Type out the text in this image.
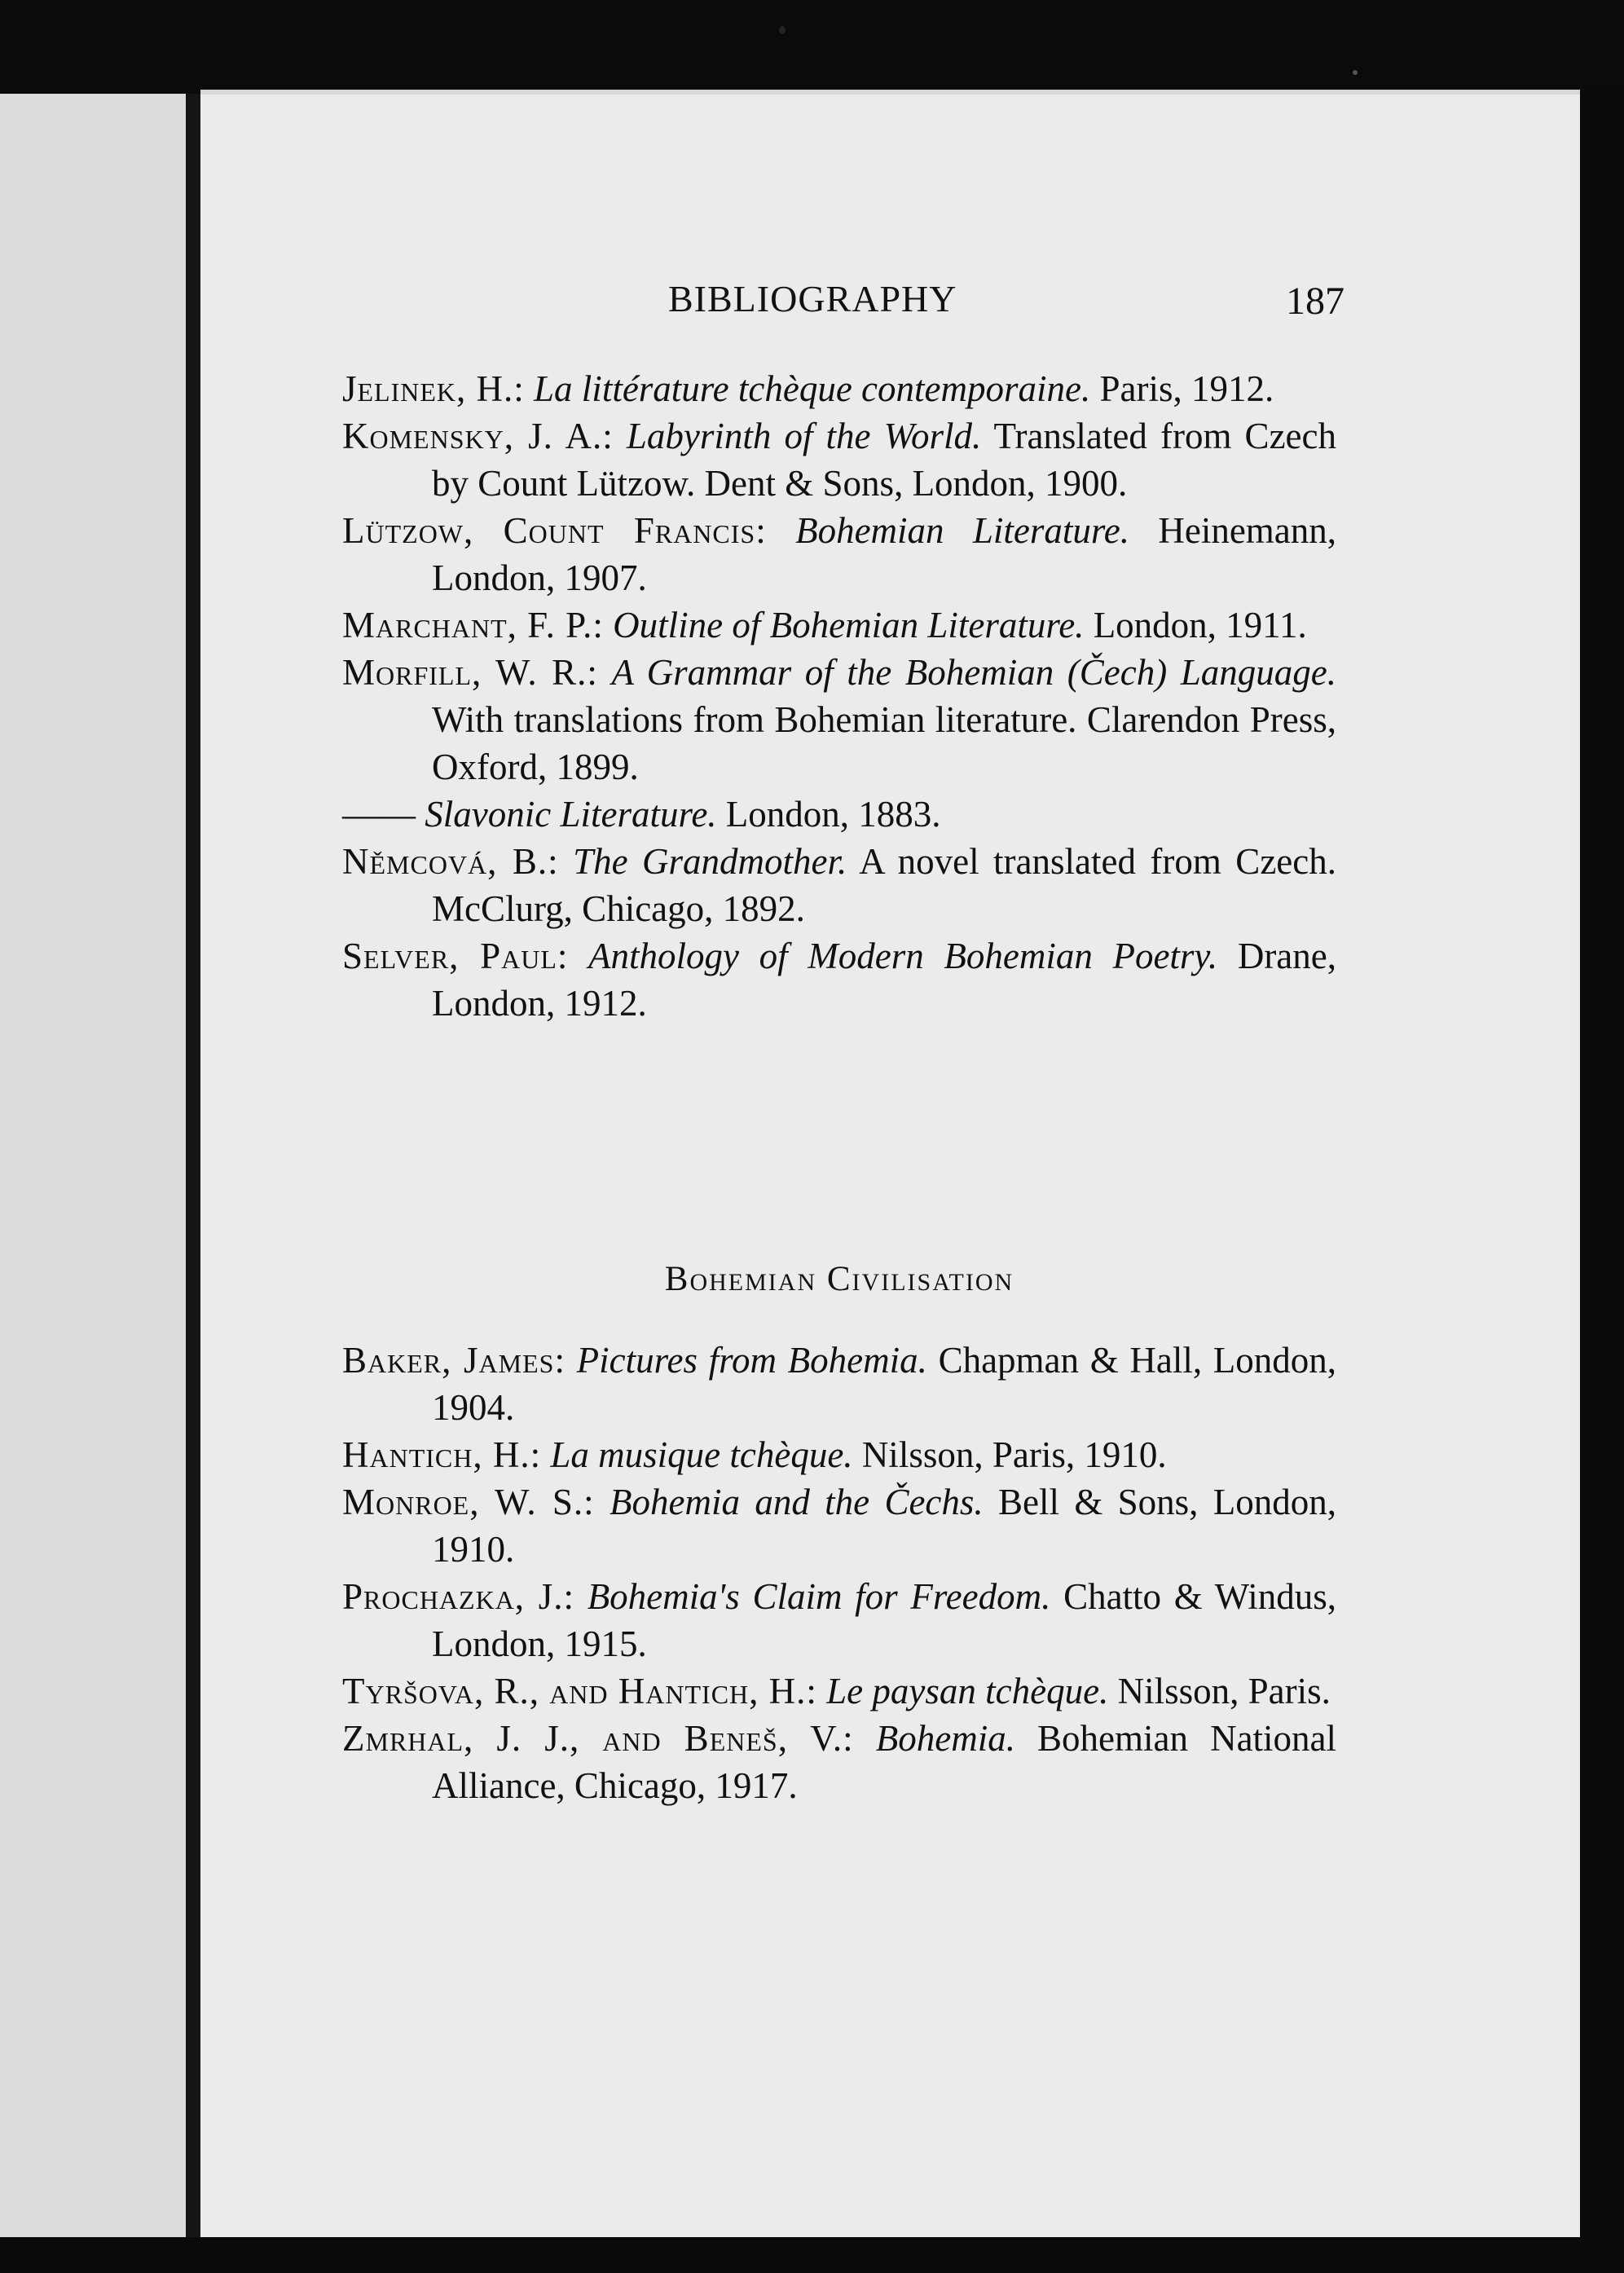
BIBLIOGRAPHY	187

Jelinek, H.: La littérature tchèque contemporaine. Paris, 1912.

Komensky, J. A.: Labyrinth of the World. Translated from Czech by Count Lützow. Dent & Sons, London, 1900.

Lützow, Count Francis: Bohemian Literature. Heinemann, London, 1907.

Marchant, F. P.: Outline of Bohemian Literature. London, 1911.

Morfill, W. R.: A Grammar of the Bohemian (Čech) Language. With translations from Bohemian literature. Clarendon Press, Oxford, 1899.

—— Slavonic Literature. London, 1883.

Němcová, B.: The Grandmother. A novel translated from Czech. McClurg, Chicago, 1892.

Selver, Paul: Anthology of Modern Bohemian Poetry. Drane, London, 1912.

Bohemian Civilisation

Baker, James: Pictures from Bohemia. Chapman & Hall, London, 1904.

Hantich, H.: La musique tchèque. Nilsson, Paris, 1910.

Monroe, W. S.: Bohemia and the Čechs. Bell & Sons, London, 1910.

Prochazka, J.: Bohemia's Claim for Freedom. Chatto & Windus, London, 1915.

Tyršova, R., and Hantich, H.: Le paysan tchèque. Nilsson, Paris.

Zmrhal, J. J., and Beneš, V.: Bohemia. Bohemian National Alliance, Chicago, 1917.
